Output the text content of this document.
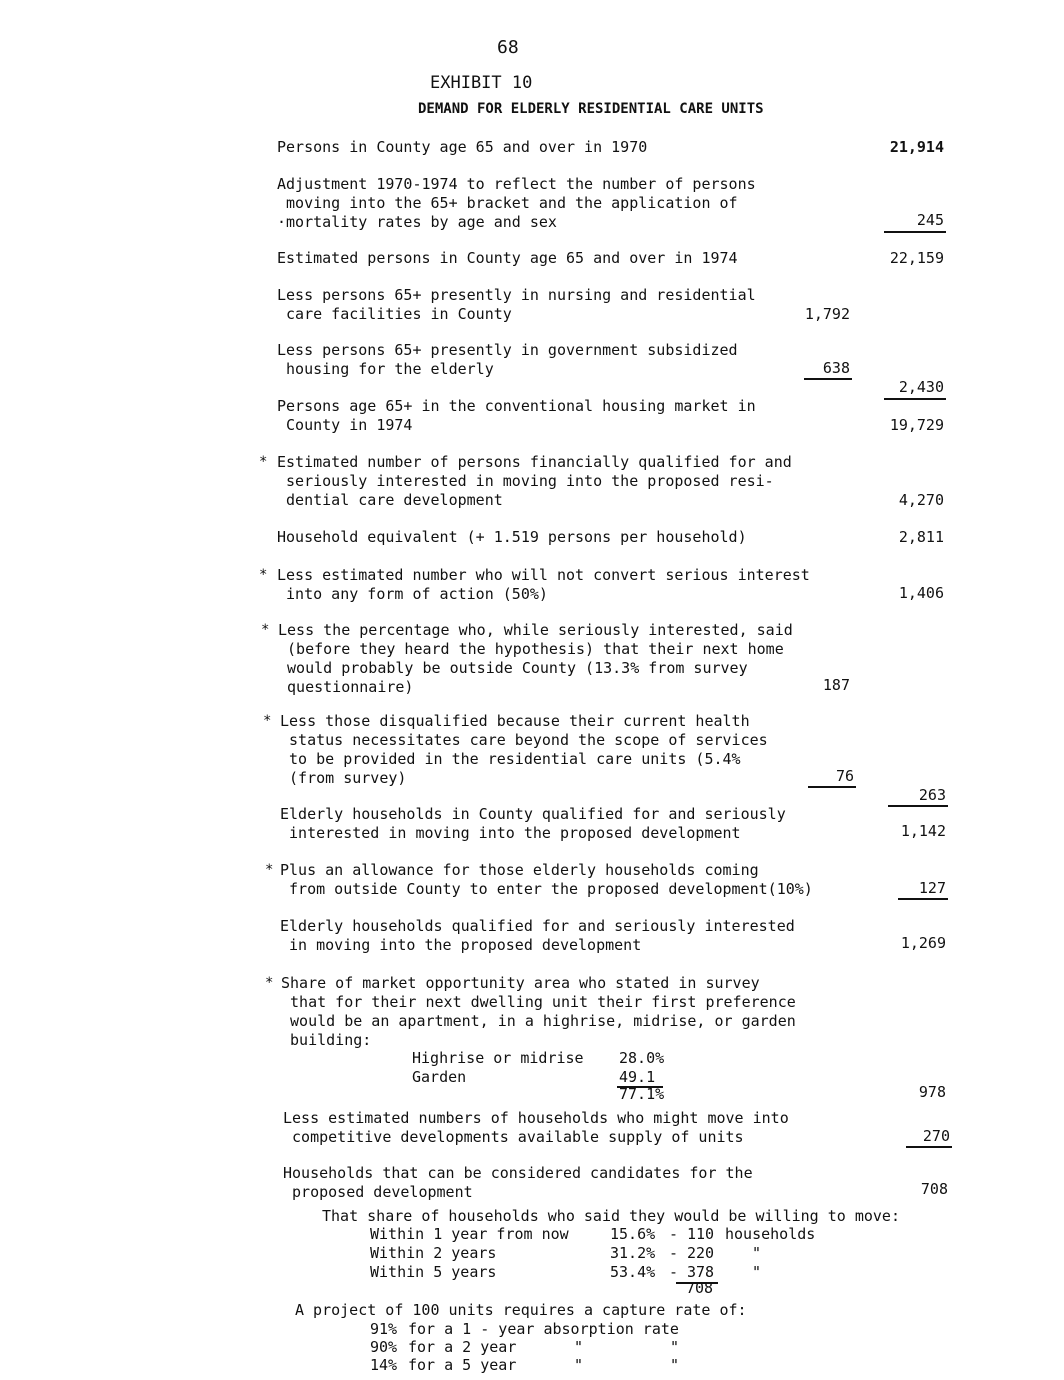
68
EXHIBIT 10
DEMAND FOR ELDERLY RESIDENTIAL CARE UNITS
Persons in County age 65 and over in 1970	21,914
Adjustment 1970-1974 to reflect the number of persons
moving into the 65+ bracket and the application of
·mortality rates by age and sex	245
Estimated persons in County age 65 and over in 1974	22,159
Less persons 65+ presently in nursing and residential
care facilities in County	1,792
Less persons 65+ presently in government subsidized
housing for the elderly	638
2,430
Persons age 65+ in the conventional housing market in
County in 1974	19,729
* Estimated number of persons financially qualified for and
seriously interested in moving into the proposed resi-
dential care development	4,270
Household equivalent (+ 1.519 persons per household)	2,811
* Less estimated number who will not convert serious interest
into any form of action (50%)	1,406
* Less the percentage who, while seriously interested, said
(before they heard the hypothesis) that their next home
would probably be outside County (13.3% from survey
questionnaire)	187
* Less those disqualified because their current health
status necessitates care beyond the scope of services
to be provided in the residential care units (5.4%
(from survey)	76
263
Elderly households in County qualified for and seriously
interested in moving into the proposed development	1,142
* Plus an allowance for those elderly households coming
from outside County to enter the proposed development(10%)	127
Elderly households qualified for and seriously interested
in moving into the proposed development	1,269
* Share of market opportunity area who stated in survey
that for their next dwelling unit their first preference
would be an apartment, in a highrise, midrise, or garden
building:
Highrise or midrise 28.0%
Garden	49.1
77.1%	978
Less estimated numbers of households who might move into
competitive developments available supply of units	270
Households that can be considered candidates for the
proposed development	708
That share of households who said they would be willing to move:
Within 1 year from now	15.6% - 110 households
Within 2 years	31.2% - 220	"
Within 5 years	53.4% - 378	"
708
A project of 100 units requires a capture rate of:
91% for a 1 - year absorption rate
90% for a 2 year	"	"
14% for a 5 year	"	"
